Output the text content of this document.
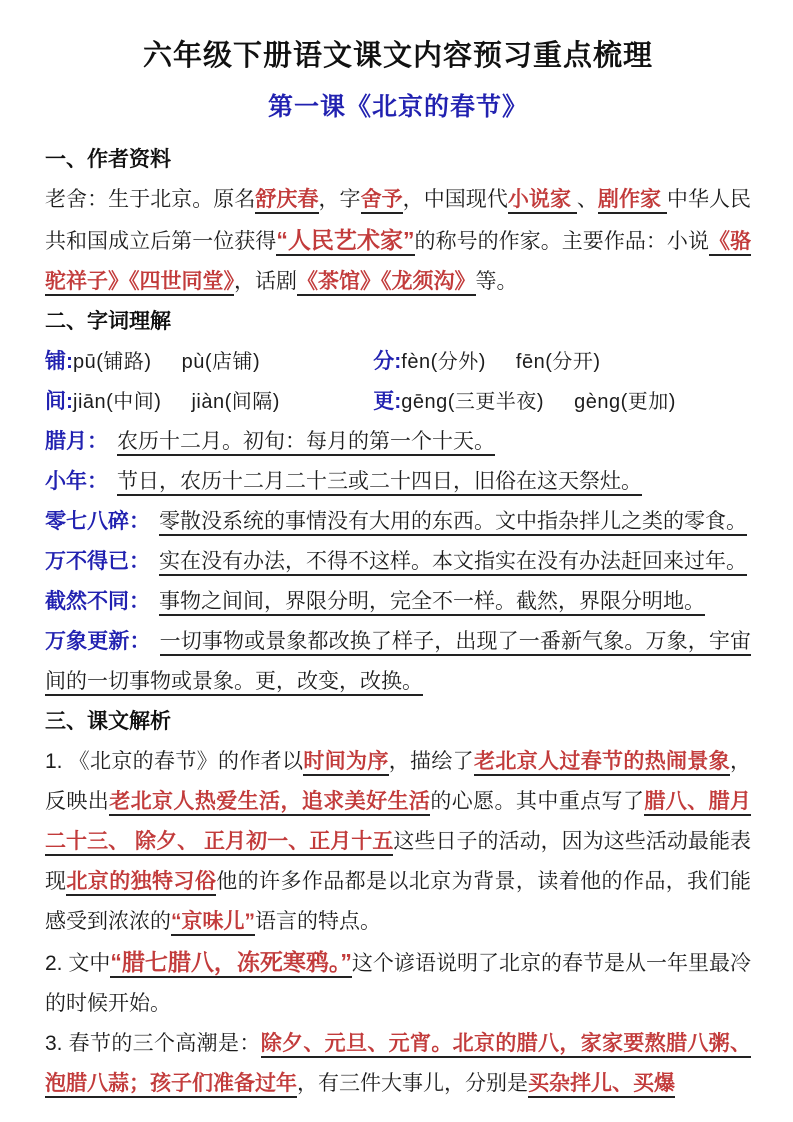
六年级下册语文课文内容预习重点梳理
第一课《北京的春节》
一、作者资料

老舍：生于北京。原名舒庆春，字舍予，中国现代小说家 、剧作家 中华人民共和国成立后第一位获得“人民艺术家”的称号的作家。主要作品：小说《骆驼祥子》《四世同堂》，话剧《茶馆》《龙须沟》等。

二、字词理解
铺: pū(铺路) pù(店铺)	分: fèn(分外) fēn(分开)
间: jiān(中间) jiàn(间隔)	更: gēng(三更半夜) gèng(更加)
腊月： 农历十二月。初旬：每月的第一个十天。
小年： 节日，农历十二月二十三或二十四日，旧俗在这天祭灶。
零七八碎： 零散没系统的事情没有大用的东西。文中指杂拌儿之类的零食。
万不得已： 实在没有办法，不得不这样。本文指实在没有办法赶回来过年。
截然不同： 事物之间间，界限分明，完全不一样。截然，界限分明地。
万象更新： 一切事物或景象都改换了样子，出现了一番新气象。万象，宇宙间的一切事物或景象。更，改变，改换。
三、课文解析

1. 《北京的春节》的作者以时间为序，描绘了老北京人过春节的热闹景象，反映出老北京人热爱生活，追求美好生活的心愿。其中重点写了腊八、腊月二十三、 除夕、 正月初一、正月十五这些日子的活动，因为这些活动最能表现北京的独特习俗他的许多作品都是以北京为背景，读着他的作品，我们能感受到浓浓的“京味儿”语言的特点。

2. 文中“腊七腊八，冻死寒鸦。”这个谚语说明了北京的春节是从一年里最冷的时候开始。

3. 春节的三个高潮是：除夕、元旦、元宵。北京的腊八，家家要熬腊八粥、泡腊八蒜；孩子们准备过年，有三件大事儿，分别是买杂拌儿、买爆
